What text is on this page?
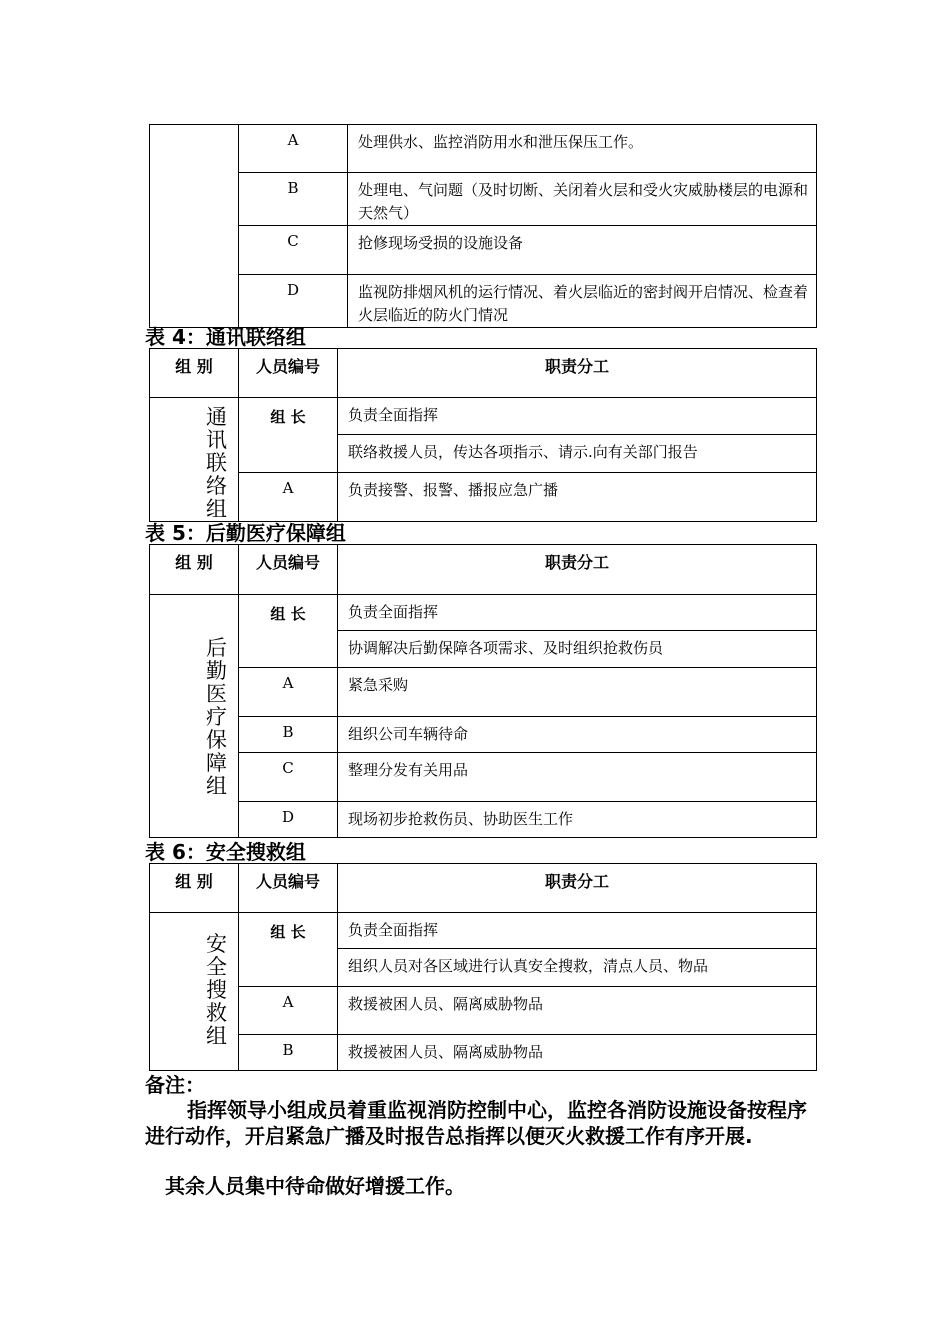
	A	处理供水、监控消防用水和泄压保压工作。
	B	处理电、气问题（及时切断、关闭着火层和受火灾威胁楼层的电源和天然气）
	C	抢修现场受损的设施设备
	D	监视防排烟风机的运行情况、着火层临近的密封阀开启情况、检查着火层临近的防火门情况
表 4：通讯联络组
组 别	人员编号	职责分工

通讯联络组	组 长	负责全面指挥
		联络救援人员，传达各项指示、请示.向有关部门报告
	A	负责接警、报警、播报应急广播
表 5：后勤医疗保障组
组 别	人员编号	职责分工

后勤医疗保障组	组 长	负责全面指挥
		协调解决后勤保障各项需求、及时组织抢救伤员
	A	紧急采购
	B	组织公司车辆待命
	C	整理分发有关用品
	D	现场初步抢救伤员、协助医生工作
表 6：安全搜救组
组 别	人员编号	职责分工

安全搜救组	组 长	负责全面指挥
		组织人员对各区域进行认真安全搜救，清点人员、物品
	A	救援被困人员、隔离威胁物品
	B	救援被困人员、隔离威胁物品
备注：
指挥领导小组成员着重监视消防控制中心，监控各消防设施设备按程序进行动作，开启紧急广播及时报告总指挥以便灭火救援工作有序开展.
其余人员集中待命做好增援工作。
